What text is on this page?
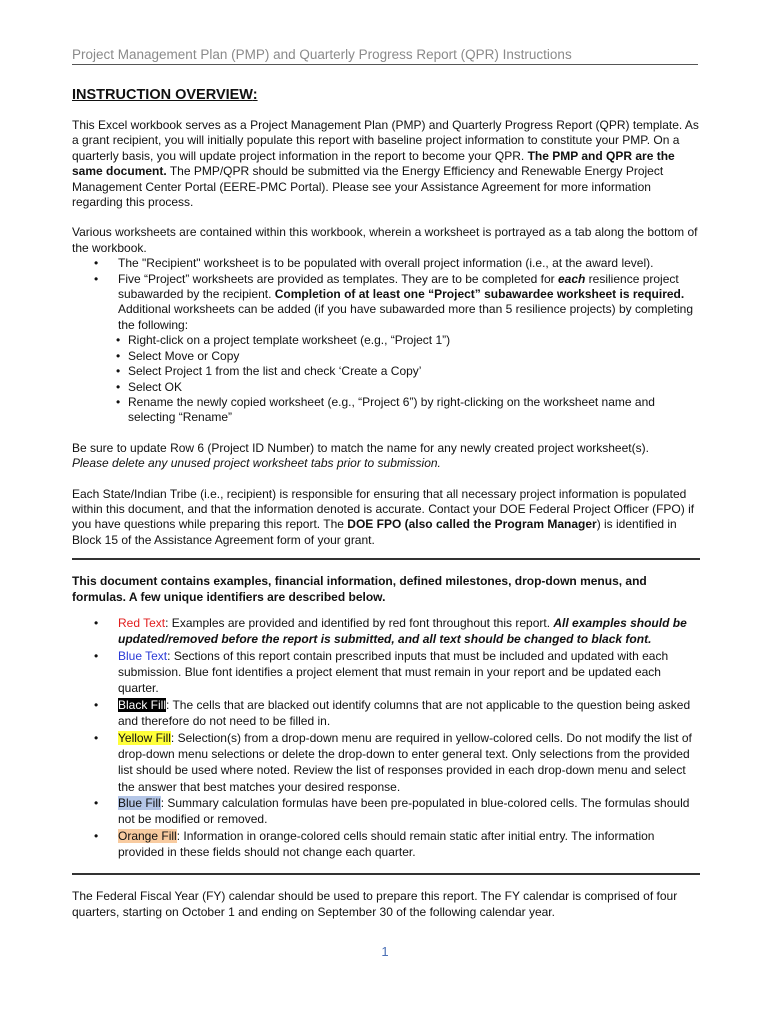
Project Management Plan (PMP) and Quarterly Progress Report (QPR) Instructions
INSTRUCTION OVERVIEW:

This Excel workbook serves as a Project Management Plan (PMP) and Quarterly Progress Report (QPR) template. As a grant recipient, you will initially populate this report with baseline project information to constitute your PMP. On a quarterly basis, you will update project information in the report to become your QPR. The PMP and QPR are the same document. The PMP/QPR should be submitted via the Energy Efficiency and Renewable Energy Project Management Center Portal (EERE-PMC Portal). Please see your Assistance Agreement for more information regarding this process.

Various worksheets are contained within this workbook, wherein a worksheet is portrayed as a tab along the bottom of the workbook.

• The "Recipient" worksheet is to be populated with overall project information (i.e., at the award level).
• Five “Project” worksheets are provided as templates. They are to be completed for each resilience project subawarded by the recipient. Completion of at least one “Project” subawardee worksheet is required. Additional worksheets can be added (if you have subawarded more than 5 resilience projects) by completing the following:
• Right-click on a project template worksheet (e.g., “Project 1”)
• Select Move or Copy
• Select Project 1 from the list and check ‘Create a Copy’
• Select OK
• Rename the newly copied worksheet (e.g., “Project 6”) by right-clicking on the worksheet name and selecting “Rename”

Be sure to update Row 6 (Project ID Number) to match the name for any newly created project worksheet(s).
Please delete any unused project worksheet tabs prior to submission.

Each State/Indian Tribe (i.e., recipient) is responsible for ensuring that all necessary project information is populated within this document, and that the information denoted is accurate. Contact your DOE Federal Project Officer (FPO) if you have questions while preparing this report. The DOE FPO (also called the Program Manager) is identified in Block 15 of the Assistance Agreement form of your grant.

This document contains examples, financial information, defined milestones, drop-down menus, and formulas. A few unique identifiers are described below.

• Red Text: Examples are provided and identified by red font throughout this report. All examples should be updated/removed before the report is submitted, and all text should be changed to black font.
• Blue Text: Sections of this report contain prescribed inputs that must be included and updated with each submission. Blue font identifies a project element that must remain in your report and be updated each quarter.
• Black Fill: The cells that are blacked out identify columns that are not applicable to the question being asked and therefore do not need to be filled in.
• Yellow Fill: Selection(s) from a drop-down menu are required in yellow-colored cells. Do not modify the list of drop-down menu selections or delete the drop-down to enter general text. Only selections from the provided list should be used where noted. Review the list of responses provided in each drop-down menu and select the answer that best matches your desired response.
• Blue Fill: Summary calculation formulas have been pre-populated in blue-colored cells. The formulas should not be modified or removed.
• Orange Fill: Information in orange-colored cells should remain static after initial entry. The information provided in these fields should not change each quarter.

The Federal Fiscal Year (FY) calendar should be used to prepare this report. The FY calendar is comprised of four quarters, starting on October 1 and ending on September 30 of the following calendar year.

1
